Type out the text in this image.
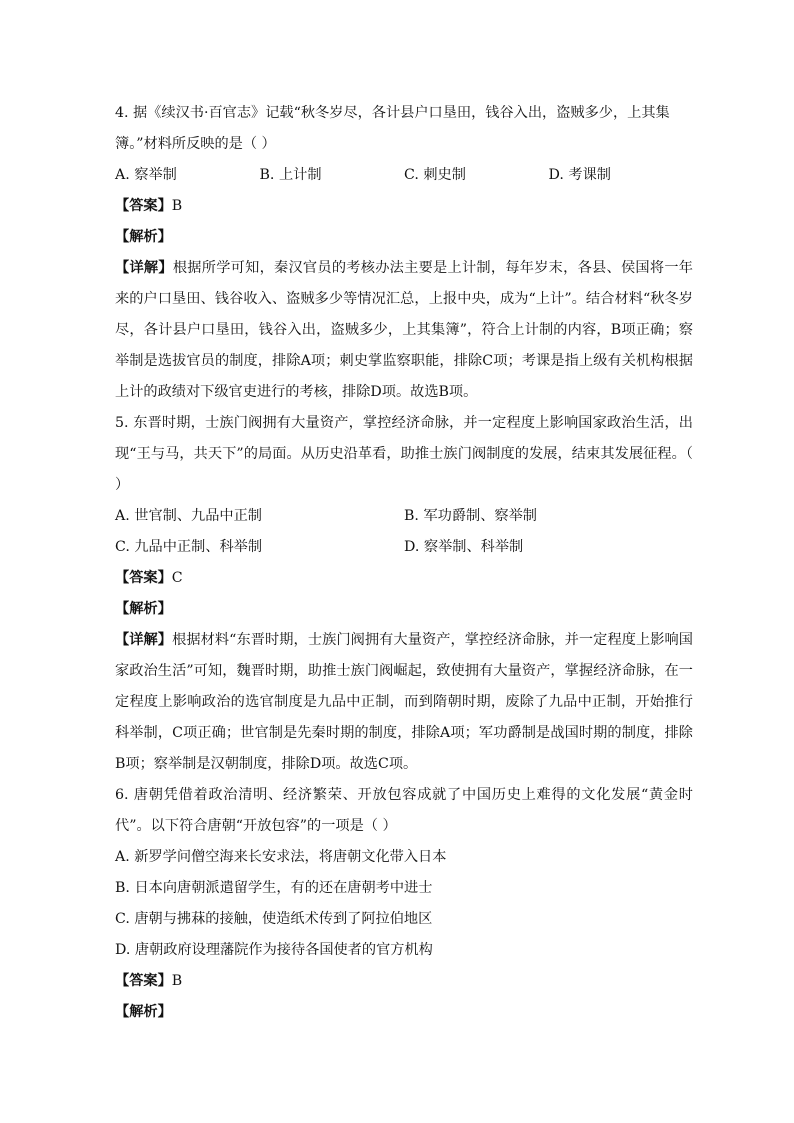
4. 据《续汉书·百官志》记载“秋冬岁尽，各计县户口垦田，钱谷入出，盗贼多少，上其集
簿。”材料所反映的是（ ）
A. 察举制	B. 上计制	C. 刺史制	D. 考课制
【答案】B
【解析】
【详解】根据所学可知，秦汉官员的考核办法主要是上计制，每年岁末，各县、侯国将一年来的户口垦田、钱谷收入、盗贼多少等情况汇总，上报中央，成为“上计”。结合材料“秋冬岁尽，各计县户口垦田，钱谷入出，盗贼多少，上其集簿”，符合上计制的内容，B项正确；察举制是选拔官员的制度，排除A项；刺史掌监察职能，排除C项；考课是指上级有关机构根据上计的政绩对下级官吏进行的考核，排除D项。故选B项。
5. 东晋时期，士族门阀拥有大量资产，掌控经济命脉，并一定程度上影响国家政治生活，出现“王与马，共天下”的局面。从历史沿革看，助推士族门阀制度的发展，结束其发展征程。（ ）
A. 世官制、九品中正制	B. 军功爵制、察举制
C. 九品中正制、科举制	D. 察举制、科举制
【答案】C
【解析】
【详解】根据材料“东晋时期，士族门阀拥有大量资产，掌控经济命脉，并一定程度上影响国家政治生活”可知，魏晋时期，助推士族门阀崛起，致使拥有大量资产，掌握经济命脉，在一定程度上影响政治的选官制度是九品中正制，而到隋朝时期，废除了九品中正制，开始推行科举制，C项正确；世官制是先秦时期的制度，排除A项；军功爵制是战国时期的制度，排除B项；察举制是汉朝制度，排除D项。故选C项。
6. 唐朝凭借着政治清明、经济繁荣、开放包容成就了中国历史上难得的文化发展“黄金时代”。以下符合唐朝“开放包容”的一项是（ ）
A. 新罗学问僧空海来长安求法，将唐朝文化带入日本
B. 日本向唐朝派遣留学生，有的还在唐朝考中进士
C. 唐朝与拂菻的接触，使造纸术传到了阿拉伯地区
D. 唐朝政府设理藩院作为接待各国使者的官方机构
【答案】B
【解析】
